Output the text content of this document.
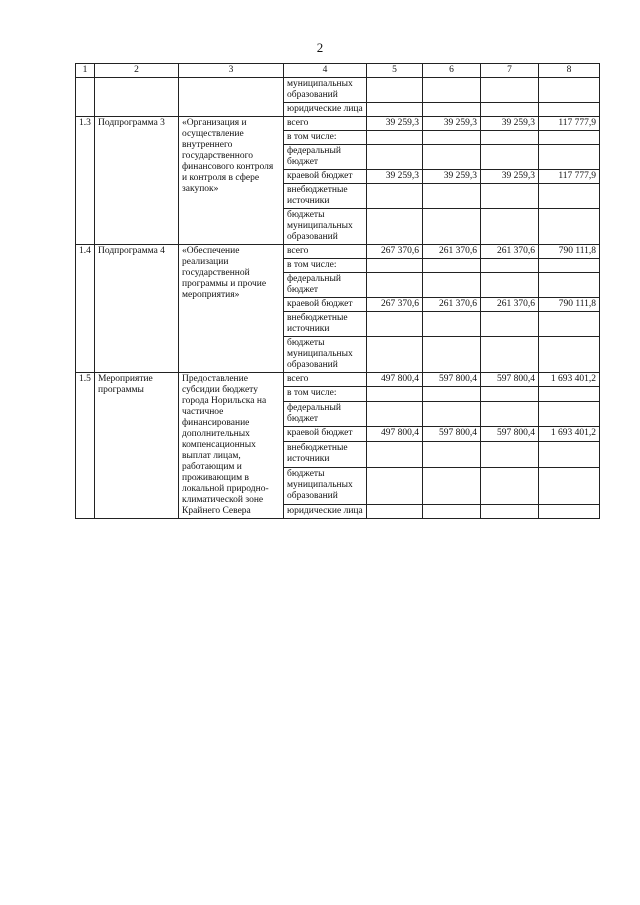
2
1	2	3	4	5	6	7	8
			муниципальных образований				
			юридические лица				
1.3	Подпрограмма 3	«Организация и осуществление внутреннего государственного финансового контроля и контроля в сфере закупок»	всего	39 259,3	39 259,3	39 259,3	117 777,9
			в том числе:				
			федеральный бюджет				
			краевой бюджет	39 259,3	39 259,3	39 259,3	117 777,9
			внебюджетные источники				
			бюджеты муниципальных образований				
1.4	Подпрограмма 4	«Обеспечение реализации государственной программы и прочие мероприятия»	всего	267 370,6	261 370,6	261 370,6	790 111,8
			в том числе:				
			федеральный бюджет				
			краевой бюджет	267 370,6	261 370,6	261 370,6	790 111,8
			внебюджетные источники				
			бюджеты муниципальных образований				
1.5	Мероприятие программы	Предоставление субсидии бюджету города Норильска на частичное финансирование дополнительных компенсационных выплат лицам, работающим и проживающим в локальной природно-климатической зоне Крайнего Севера	всего	497 800,4	597 800,4	597 800,4	1 693 401,2
			в том числе:				
			федеральный бюджет				
			краевой бюджет	497 800,4	597 800,4	597 800,4	1 693 401,2
			внебюджетные источники				
			бюджеты муниципальных образований				
			юридические лица				
